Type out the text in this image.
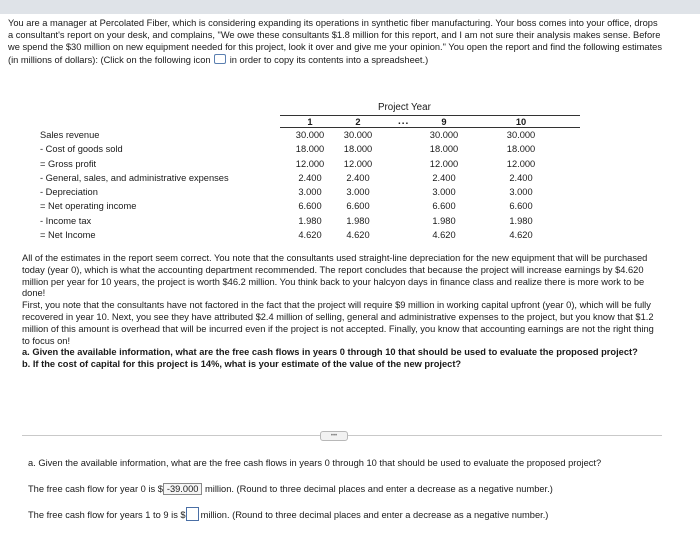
You are a manager at Percolated Fiber, which is considering expanding its operations in synthetic fiber manufacturing. Your boss comes into your office, drops a consultant's report on your desk, and complains, "We owe these consultants $1.8 million for this report, and I am not sure their analysis makes sense. Before we spend the $30 million on new equipment needed for this project, look it over and give me your opinion." You open the report and find the following estimates (in millions of dollars): (Click on the following icon in order to copy its contents into a spreadsheet.)
Project Year
Sales revenue
- Cost of goods sold
= Gross profit
- General, sales, and administrative expenses
- Depreciation
= Net operating income
- Income tax
= Net Income
1
30.000
18.000
12.000
2.400
3.000
6.600
1.980
4.620
2
30.000
18.000
12.000
2.400
3.000
6.600
1.980
4.620
...	9
30.000
18.000
12.000
2.400
3.000
6.600
1.980
4.620
10
30.000
18.000
12.000
2.400
3.000
6.600
1.980
4.620

All of the estimates in the report seem correct. You note that the consultants used straight-line depreciation for the new equipment that will be purchased today (year 0), which is what the accounting department recommended. The report concludes that because the project will increase earnings by $4.620 million per year for 10 years, the project is worth $46.2 million. You think back to your halcyon days in finance class and realize there is more work to be done!

First, you note that the consultants have not factored in the fact that the project will require $9 million in working capital upfront (year 0), which will be fully recovered in year 10. Next, you see they have attributed $2.4 million of selling, general and administrative expenses to the project, but you know that $1.2 million of this amount is overhead that will be incurred even if the project is not accepted. Finally, you know that accounting earnings are not the right thing to focus on!

a. Given the available information, what are the free cash flows in years 0 through 10 that should be used to evaluate the proposed project?

b. If the cost of capital for this project is 14%, what is your estimate of the value of the new project?

•••
a. Given the available information, what are the free cash flows in years 0 through 10 that should be used to evaluate the proposed project?
The free cash flow for year 0 is $ -39.000 million. (Round to three decimal places and enter a decrease as a negative number.)
The free cash flow for years 1 to 9 is $ million. (Round to three decimal places and enter a decrease as a negative number.)
